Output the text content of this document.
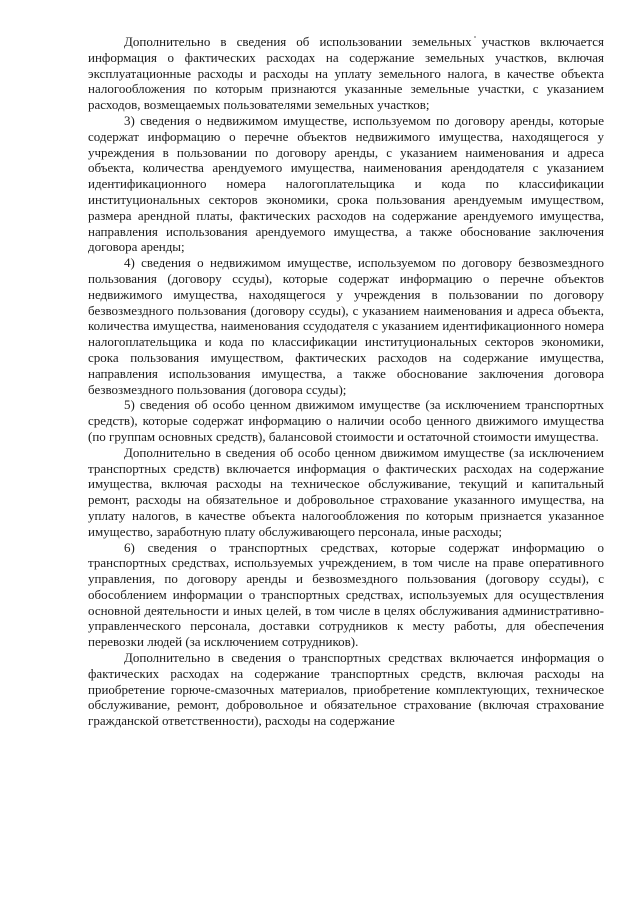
Дополнительно в сведения об использовании земельных участков включается информация о фактических расходах на содержание земельных участков, включая эксплуатационные расходы и расходы на уплату земельного налога, в качестве объекта налогообложения по которым признаются указанные земельные участки, с указанием расходов, возмещаемых пользователями земельных участков;

3) сведения о недвижимом имуществе, используемом по договору аренды, которые содержат информацию о перечне объектов недвижимого имущества, находящегося у учреждения в пользовании по договору аренды, с указанием наименования и адреса объекта, количества арендуемого имущества, наименования арендодателя с указанием идентификационного номера налогоплательщика и кода по классификации институциональных секторов экономики, срока пользования арендуемым имуществом, размера арендной платы, фактических расходов на содержание арендуемого имущества, направления использования арендуемого имущества, а также обоснование заключения договора аренды;

4) сведения о недвижимом имуществе, используемом по договору безвозмездного пользования (договору ссуды), которые содержат информацию о перечне объектов недвижимого имущества, находящегося у учреждения в пользовании по договору безвозмездного пользования (договору ссуды), с указанием наименования и адреса объекта, количества имущества, наименования ссудодателя с указанием идентификационного номера налогоплательщика и кода по классификации институциональных секторов экономики, срока пользования имуществом, фактических расходов на содержание имущества, направления использования имущества, а также обоснование заключения договора безвозмездного пользования (договора ссуды);

5) сведения об особо ценном движимом имуществе (за исключением транспортных средств), которые содержат информацию о наличии особо ценного движимого имущества (по группам основных средств), балансовой стоимости и остаточной стоимости имущества.

Дополнительно в сведения об особо ценном движимом имуществе (за исключением транспортных средств) включается информация о фактических расходах на содержание имущества, включая расходы на техническое обслуживание, текущий и капитальный ремонт, расходы на обязательное и добровольное страхование указанного имущества, на уплату налогов, в качестве объекта налогообложения по которым признается указанное имущество, заработную плату обслуживающего персонала, иные расходы;

6) сведения о транспортных средствах, которые содержат информацию о транспортных средствах, используемых учреждением, в том числе на праве оперативного управления, по договору аренды и безвозмездного пользования (договору ссуды), с обособлением информации о транспортных средствах, используемых для осуществления основной деятельности и иных целей, в том числе в целях обслуживания административно-управленческого персонала, доставки сотрудников к месту работы, для обеспечения перевозки людей (за исключением сотрудников).

Дополнительно в сведения о транспортных средствах включается информация о фактических расходах на содержание транспортных средств, включая расходы на приобретение горюче-смазочных материалов, приобретение комплектующих, техническое обслуживание, ремонт, добровольное и обязательное страхование (включая страхование гражданской ответственности), расходы на содержание
